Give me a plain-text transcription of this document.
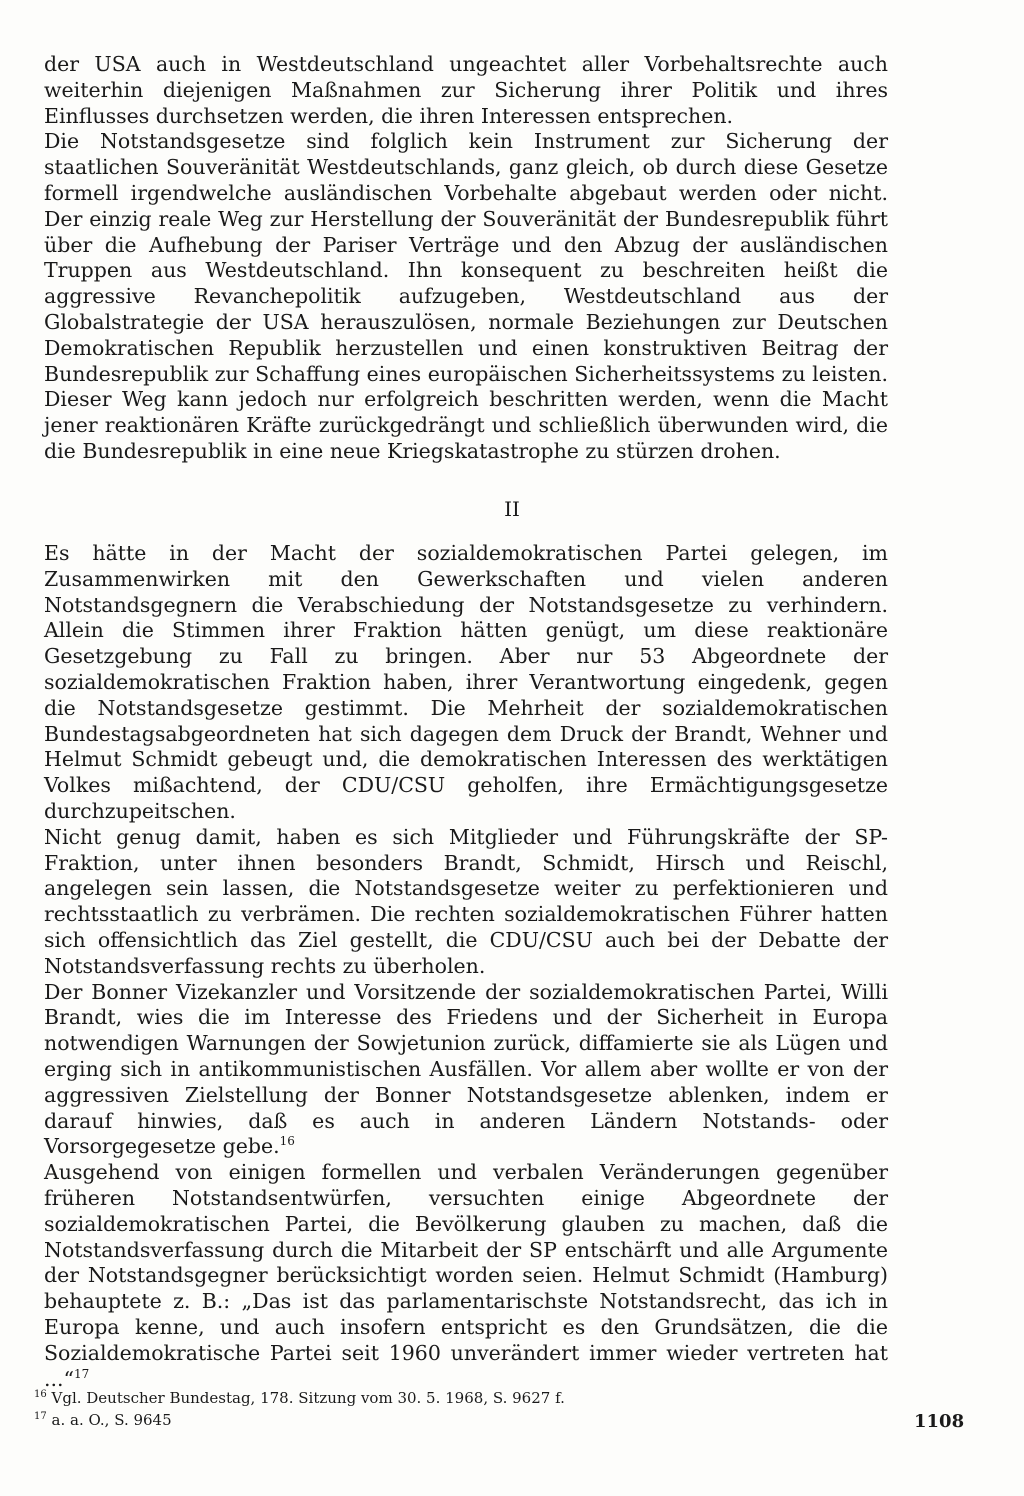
der USA auch in Westdeutschland ungeachtet aller Vorbehaltsrechte auch weiterhin diejenigen Maßnahmen zur Sicherung ihrer Politik und ihres Einflusses durchsetzen werden, die ihren Interessen entsprechen.

Die Notstandsgesetze sind folglich kein Instrument zur Sicherung der staatlichen Souveränität Westdeutschlands, ganz gleich, ob durch diese Gesetze formell irgendwelche ausländischen Vorbehalte abgebaut werden oder nicht. Der einzig reale Weg zur Herstellung der Souveränität der Bundesrepublik führt über die Aufhebung der Pariser Verträge und den Abzug der ausländischen Truppen aus Westdeutschland. Ihn konsequent zu beschreiten heißt die aggressive Revanchepolitik aufzugeben, Westdeutschland aus der Globalstrategie der USA herauszulösen, normale Beziehungen zur Deutschen Demokratischen Republik herzustellen und einen konstruktiven Beitrag der Bundesrepublik zur Schaffung eines europäischen Sicherheitssystems zu leisten. Dieser Weg kann jedoch nur erfolgreich beschritten werden, wenn die Macht jener reaktionären Kräfte zurückgedrängt und schließlich überwunden wird, die die Bundesrepublik in eine neue Kriegskatastrophe zu stürzen drohen.

II

Es hätte in der Macht der sozialdemokratischen Partei gelegen, im Zusammenwirken mit den Gewerkschaften und vielen anderen Notstandsgegnern die Verabschiedung der Notstandsgesetze zu verhindern. Allein die Stimmen ihrer Fraktion hätten genügt, um diese reaktionäre Gesetzgebung zu Fall zu bringen. Aber nur 53 Abgeordnete der sozialdemokratischen Fraktion haben, ihrer Verantwortung eingedenk, gegen die Notstandsgesetze gestimmt. Die Mehrheit der sozialdemokratischen Bundestagsabgeordneten hat sich dagegen dem Druck der Brandt, Wehner und Helmut Schmidt gebeugt und, die demokratischen Interessen des werktätigen Volkes mißachtend, der CDU/CSU geholfen, ihre Ermächtigungsgesetze durchzupeitschen.

Nicht genug damit, haben es sich Mitglieder und Führungskräfte der SP-Fraktion, unter ihnen besonders Brandt, Schmidt, Hirsch und Reischl, angelegen sein lassen, die Notstandsgesetze weiter zu perfektionieren und rechtsstaatlich zu verbrämen. Die rechten sozialdemokratischen Führer hatten sich offensichtlich das Ziel gestellt, die CDU/CSU auch bei der Debatte der Notstandsverfassung rechts zu überholen.

Der Bonner Vizekanzler und Vorsitzende der sozialdemokratischen Partei, Willi Brandt, wies die im Interesse des Friedens und der Sicherheit in Europa notwendigen Warnungen der Sowjetunion zurück, diffamierte sie als Lügen und erging sich in antikommunistischen Ausfällen. Vor allem aber wollte er von der aggressiven Zielstellung der Bonner Notstandsgesetze ablenken, indem er darauf hinwies, daß es auch in anderen Ländern Notstands- oder Vorsorgegesetze gebe.$^{16}$

Ausgehend von einigen formellen und verbalen Veränderungen gegenüber früheren Notstandsentwürfen, versuchten einige Abgeordnete der sozialdemokratischen Partei, die Bevölkerung glauben zu machen, daß die Notstandsverfassung durch die Mitarbeit der SP entschärft und alle Argumente der Notstandsgegner berücksichtigt worden seien. Helmut Schmidt (Hamburg) behauptete z. B.: „Das ist das parlamentarischste Notstandsrecht, das ich in Europa kenne, und auch insofern entspricht es den Grundsätzen, die die Sozialdemokratische Partei seit 1960 unverändert immer wieder vertreten hat ...“$^{17}$

$^{16}$ Vgl. Deutscher Bundestag, 178. Sitzung vom 30. 5. 1968, S. 9627 f.
$^{17}$ a. a. O., S. 9645	1108
